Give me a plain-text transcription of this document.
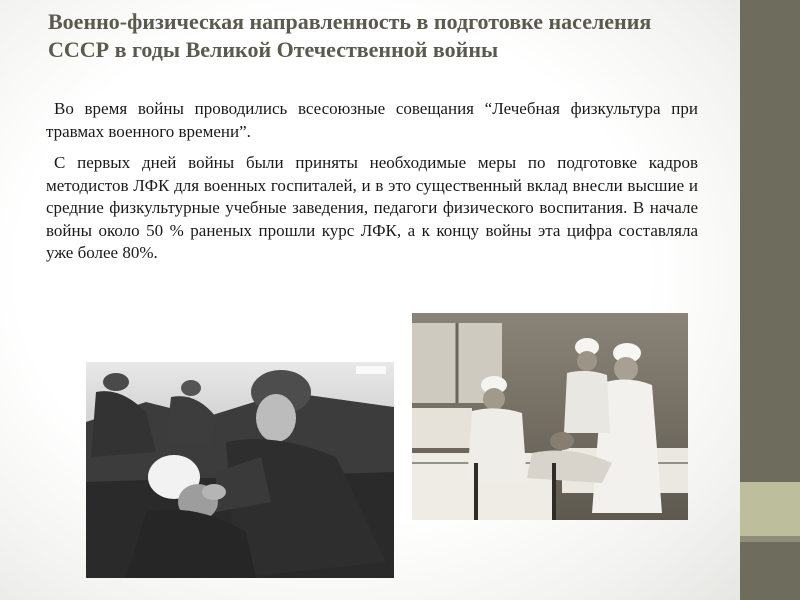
Военно-физическая направленность в подготовке населения СССР в годы Великой Отечественной войны

Во время войны проводились всесоюзные совещания “Лечебная физкультура при травмах военного времени”.

С первых дней войны были приняты необходимые меры по подготовке кадров методистов ЛФК для военных госпиталей, и в это существенный вклад внесли высшие и средние физкультурные учебные заведения, педагоги физического воспитания. В начале войны около 50 % раненых прошли курс ЛФК, а к концу войны эта цифра составляла уже более 80%.
